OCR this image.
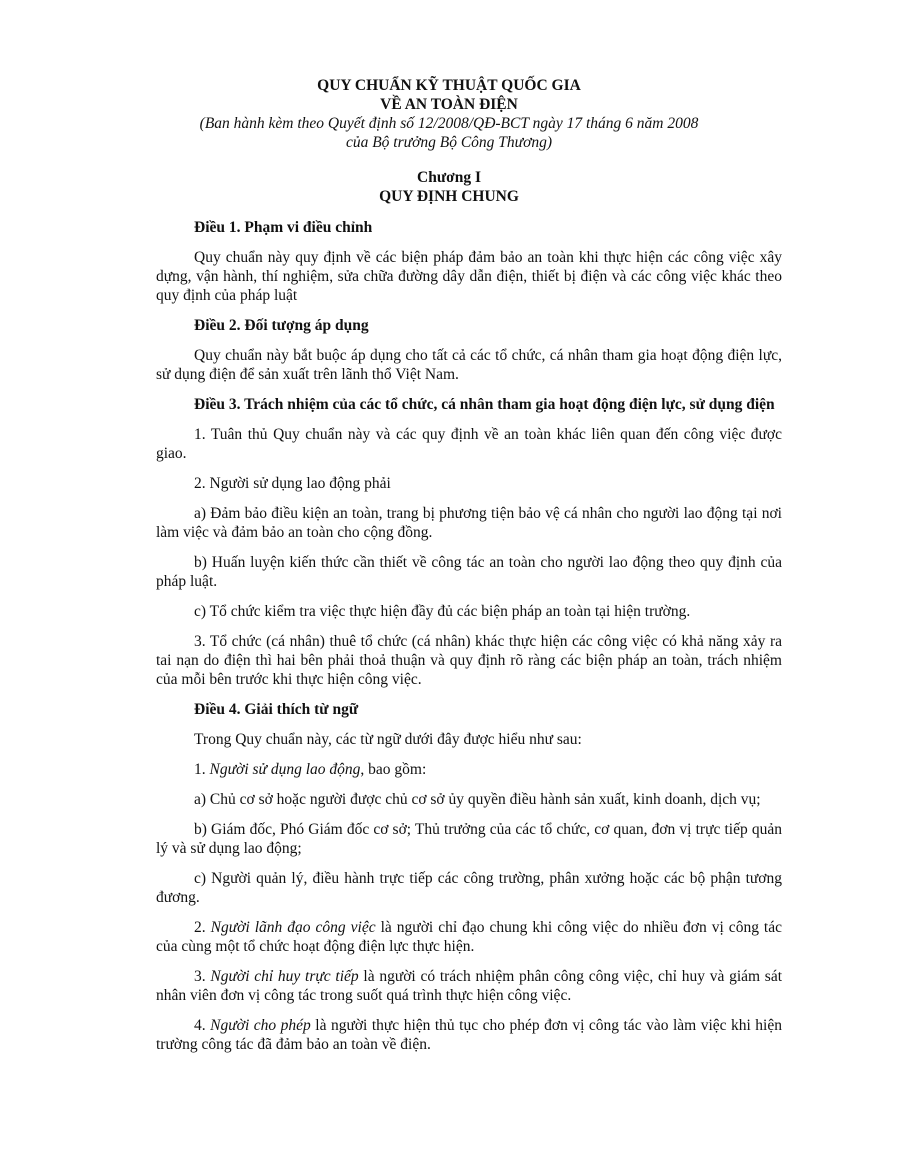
QUY CHUẨN KỸ THUẬT QUỐC GIA
VỀ AN TOÀN ĐIỆN
(Ban hành kèm theo Quyết định số 12/2008/QĐ-BCT ngày 17 tháng 6 năm 2008
của Bộ trưởng Bộ Công Thương)
Chương I
QUY ĐỊNH CHUNG

Điều 1. Phạm vi điều chỉnh

Quy chuẩn này quy định về các biện pháp đảm bảo an toàn khi thực hiện các công việc xây dựng, vận hành, thí nghiệm, sửa chữa đường dây dẫn điện, thiết bị điện và các công việc khác theo quy định của pháp luật

Điều 2. Đối tượng áp dụng

Quy chuẩn này bắt buộc áp dụng cho tất cả các tổ chức, cá nhân tham gia hoạt động điện lực, sử dụng điện để sản xuất trên lãnh thổ Việt Nam.

Điều 3. Trách nhiệm của các tổ chức, cá nhân tham gia hoạt động điện lực, sử dụng điện

1. Tuân thủ Quy chuẩn này và các quy định về an toàn khác liên quan đến công việc được giao.

2. Người sử dụng lao động phải

a) Đảm bảo điều kiện an toàn, trang bị phương tiện bảo vệ cá nhân cho người lao động tại nơi làm việc và đảm bảo an toàn cho cộng đồng.

b) Huấn luyện kiến thức cần thiết về công tác an toàn cho người lao động theo quy định của pháp luật.

c) Tổ chức kiểm tra việc thực hiện đầy đủ các biện pháp an toàn tại hiện trường.

3. Tổ chức (cá nhân) thuê tổ chức (cá nhân) khác thực hiện các công việc có khả năng xảy ra tai nạn do điện thì hai bên phải thoả thuận và quy định rõ ràng các biện pháp an toàn, trách nhiệm của mỗi bên trước khi thực hiện công việc.

Điều 4. Giải thích từ ngữ

Trong Quy chuẩn này, các từ ngữ dưới đây được hiểu như sau:

1. Người sử dụng lao động, bao gồm:

a) Chủ cơ sở hoặc người được chủ cơ sở ủy quyền điều hành sản xuất, kinh doanh, dịch vụ;

b) Giám đốc, Phó Giám đốc cơ sở; Thủ trưởng của các tổ chức, cơ quan, đơn vị trực tiếp quản lý và sử dụng lao động;

c) Người quản lý, điều hành trực tiếp các công trường, phân xưởng hoặc các bộ phận tương đương.

2. Người lãnh đạo công việc là người chỉ đạo chung khi công việc do nhiều đơn vị công tác của cùng một tổ chức hoạt động điện lực thực hiện.

3. Người chỉ huy trực tiếp là người có trách nhiệm phân công công việc, chỉ huy và giám sát nhân viên đơn vị công tác trong suốt quá trình thực hiện công việc.

4. Người cho phép là người thực hiện thủ tục cho phép đơn vị công tác vào làm việc khi hiện trường công tác đã đảm bảo an toàn về điện.
